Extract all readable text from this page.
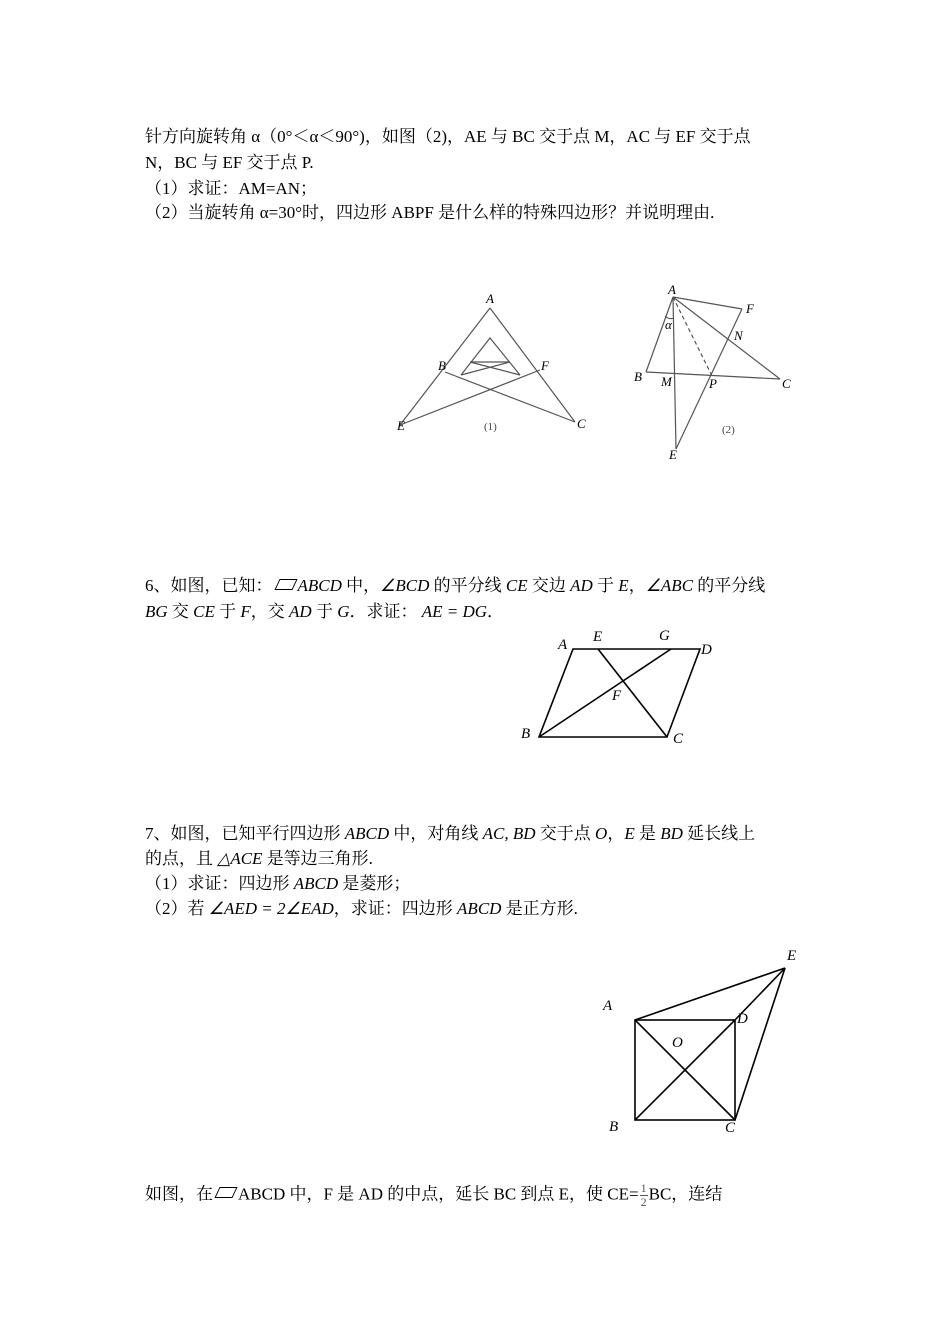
针方向旋转角 α（0°＜α＜90°)，如图（2)，AE 与 BC 交于点 M，AC 与 EF 交于点
N，BC 与 EF 交于点 P.
（1）求证：AM=AN；
（2）当旋转角 α=30°时，四边形 ABPF 是什么样的特殊四边形？并说明理由.
A
B	F
E	C
(1)
A
F
N
α
B M	P	C
E
(2)
6、如图，已知： ABCD 中，∠BCD 的平分线 CE 交边 AD 于 E，∠ABC 的平分线
BG 交 CE 于 F，交 AD 于 G．求证： AE = DG．
A E	G
D
F
B	C
7、如图，已知平行四边形 ABCD 中，对角线 AC, BD 交于点 O，E 是 BD 延长线上
的点，且 △ACE 是等边三角形.
（1）求证：四边形 ABCD 是菱形；
（2）若 ∠AED = 2∠EAD，求证：四边形 ABCD 是正方形.
E
A
D
O
B	C
如图，在 ABCD 中，F 是 AD 的中点，延长 BC 到点 E，使 $CE= \frac{1}{2}$ BC，连结
